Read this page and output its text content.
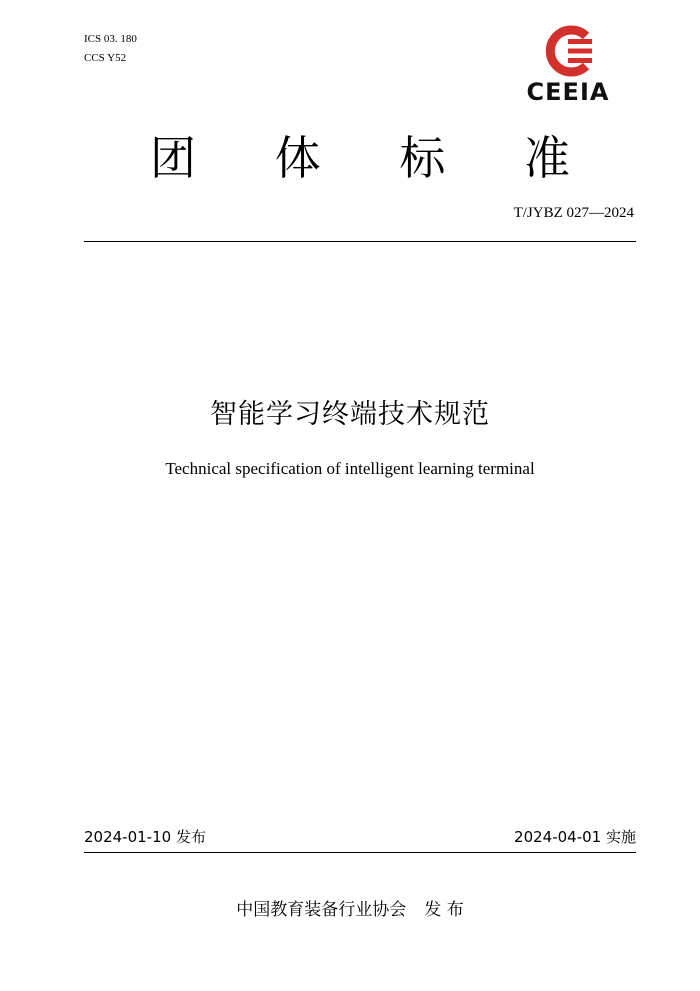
ICS 03. 180
CCS Y52
CEEIA
团 体 标 准
T/JYBZ 027—2024
智能学习终端技术规范
Technical specification of intelligent learning terminal
2024-01-10 发布	2024-04-01 实施
中国教育装备行业协会 发 布
